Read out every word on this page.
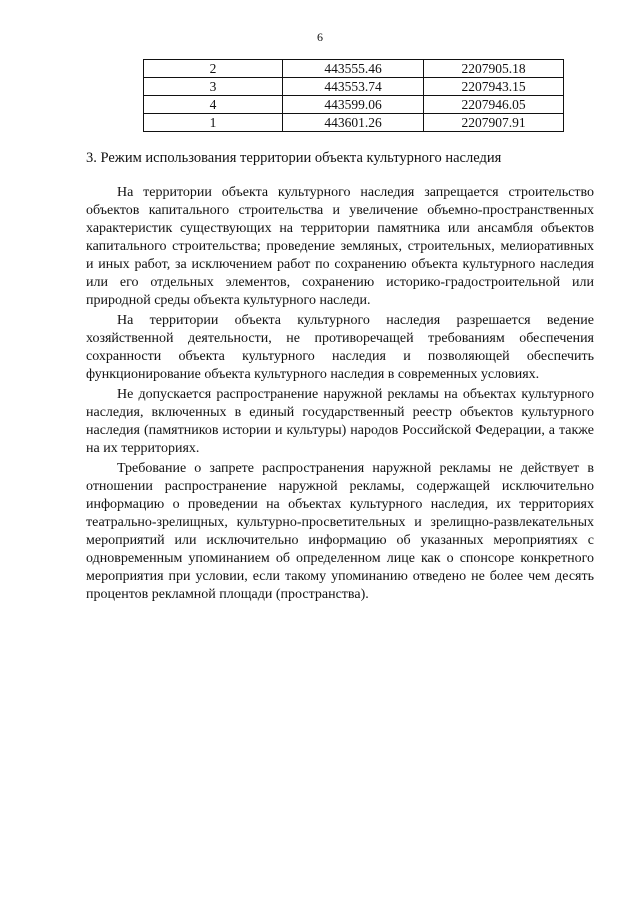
6
2	443555.46	2207905.18
3	443553.74	2207943.15
4	443599.06	2207946.05
1	443601.26	2207907.91
3. Режим использования территории объекта культурного наследия

На территории объекта культурного наследия запрещается строительство объектов капитального строительства и увеличение объемно-пространственных характеристик существующих на территории памятника или ансамбля объектов капитального строительства; проведение земляных, строительных, мелиоративных и иных работ, за исключением работ по сохранению объекта культурного наследия или его отдельных элементов, сохранению историко-градостроительной или природной среды объекта культурного наследи.

На территории объекта культурного наследия разрешается ведение хозяйственной деятельности, не противоречащей требованиям обеспечения сохранности объекта культурного наследия и позволяющей обеспечить функционирование объекта культурного наследия в современных условиях.

Не допускается распространение наружной рекламы на объектах культурного наследия, включенных в единый государственный реестр объектов культурного наследия (памятников истории и культуры) народов Российской Федерации, а также на их территориях.

Требование о запрете распространения наружной рекламы не действует в отношении распространение наружной рекламы, содержащей исключительно информацию о проведении на объектах культурного наследия, их территориях театрально-зрелищных, культурно-просветительных и зрелищно-развлекательных мероприятий или исключительно информацию об указанных мероприятиях с одновременным упоминанием об определенном лице как о спонсоре конкретного мероприятия при условии, если такому упоминанию отведено не более чем десять процентов рекламной площади (пространства).
